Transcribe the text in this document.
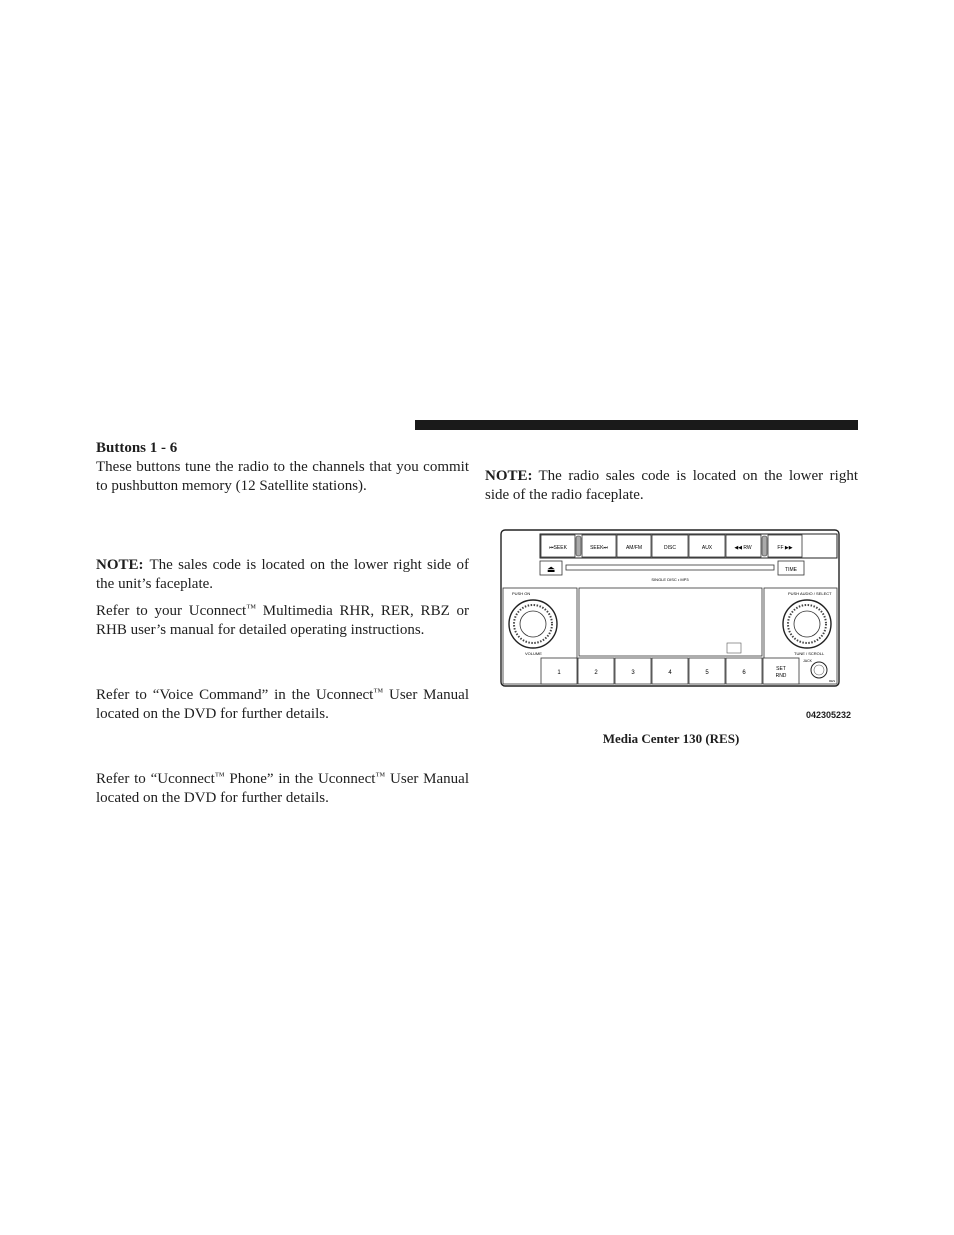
Buttons 1 - 6
These buttons tune the radio to the channels that you commit to pushbutton memory (12 Satellite stations).
NOTE: The sales code is located on the lower right side of the unit’s faceplate.
Refer to your Uconnect™ Multimedia RHR, RER, RBZ or RHB user’s manual for detailed operating instructions.
Refer to “Voice Command” in the Uconnect™ User Manual located on the DVD for further details.
Refer to “Uconnect™ Phone” in the Uconnect™ User Manual located on the DVD for further details.
NOTE: The radio sales code is located on the lower right side of the radio faceplate.
⏮SEEK	SEEK⏭	AM/FM	DISC	AUX	◀◀ RW	FF ▶▶
⏏
SINGLE DISC • MP3
TIME
PUSH ON
VOLUME
PUSH AUDIO / SELECT
TUNE / SCROLL
1	2	3	4	5	6
SET
RND
JACK
RES
042305232
Media Center 130 (RES)
